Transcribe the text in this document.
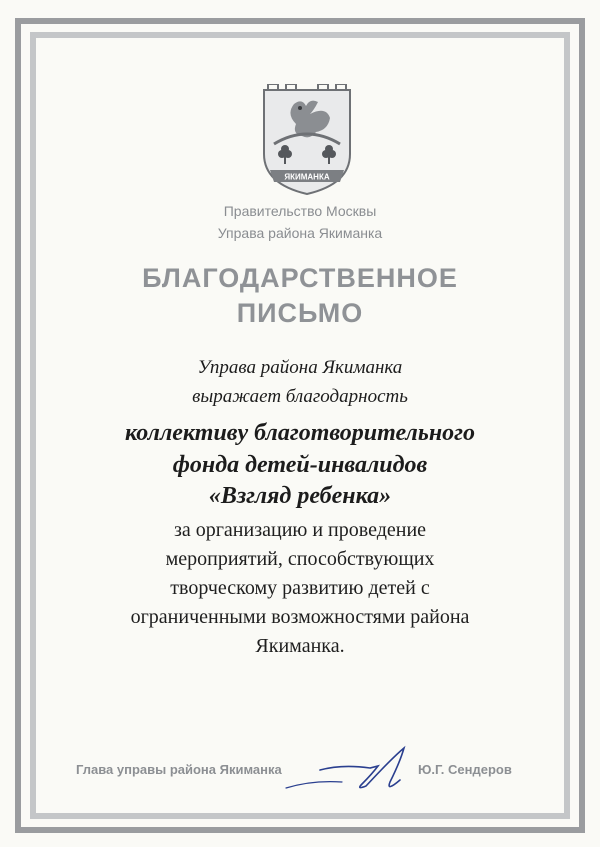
ЯКИМАНКА
Правительство Москвы
Управа района Якиманка
БЛАГОДАРСТВЕННОЕ
ПИСЬМО
Управа района Якиманка
выражает благодарность
коллективу благотворительного
фонда детей-инвалидов
«Взгляд ребенка»
за организацию и проведение
мероприятий, способствующих
творческому развитию детей с
ограниченными возможностями района
Якиманка.
Глава управы района Якиманка	Ю.Г. Сендеров
